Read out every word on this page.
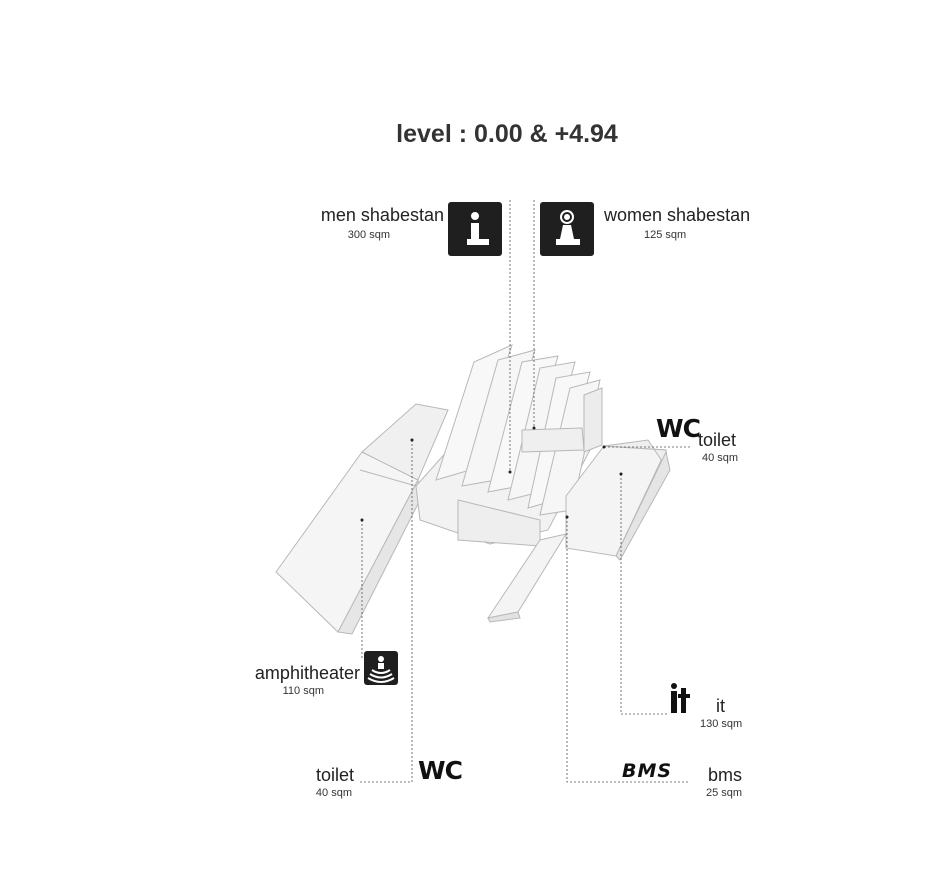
level : 0.00 & +4.94
men shabestan
300 sqm
women shabestan
125 sqm
WC
toilet
40 sqm
amphitheater
110 sqm
toilet
40 sqm
WC
it
130 sqm
BMS bms
25 sqm
